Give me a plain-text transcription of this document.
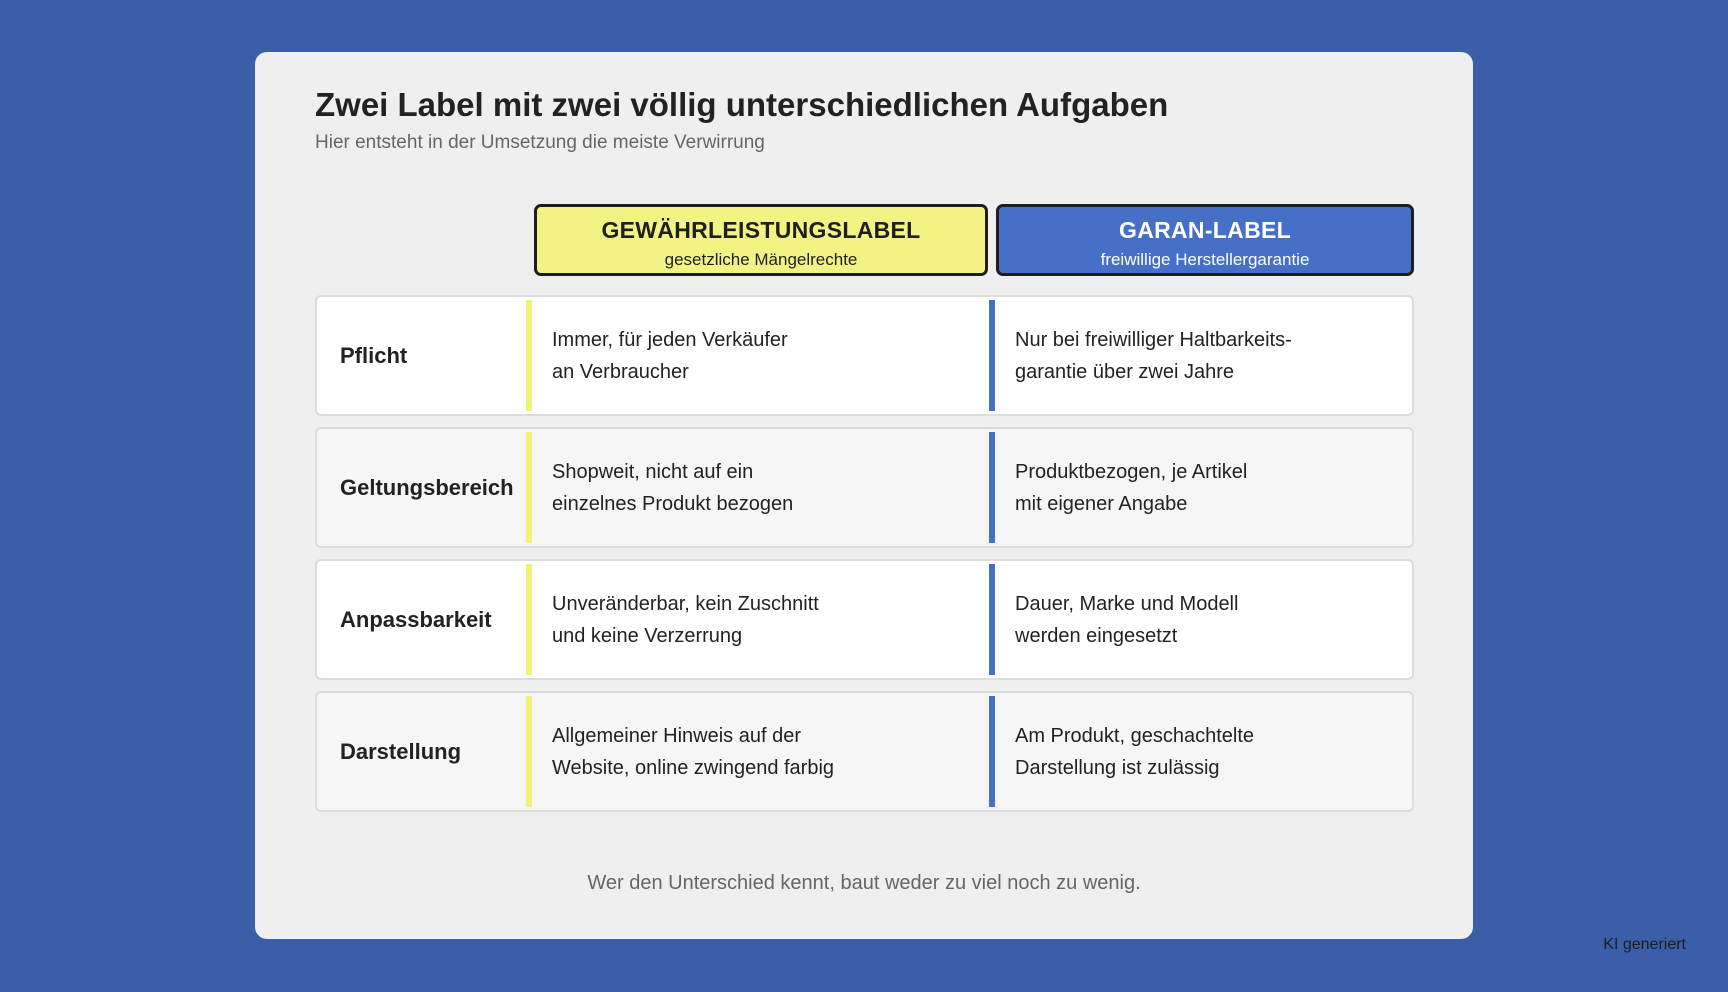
Zwei Label mit zwei völlig unterschiedlichen Aufgaben
Hier entsteht in der Umsetzung die meiste Verwirrung
GEWÄHRLEISTUNGSLABEL
gesetzliche Mängelrechte
GARAN-LABEL
freiwillige Herstellergarantie
Pflicht
Immer, für jeden Verkäufer
an Verbraucher
Nur bei freiwilliger Haltbarkeits-
garantie über zwei Jahre
Geltungsbereich
Shopweit, nicht auf ein
einzelnes Produkt bezogen
Produktbezogen, je Artikel
mit eigener Angabe
Anpassbarkeit
Unveränderbar, kein Zuschnitt
und keine Verzerrung
Dauer, Marke und Modell
werden eingesetzt
Darstellung
Allgemeiner Hinweis auf der
Website, online zwingend farbig
Am Produkt, geschachtelte
Darstellung ist zulässig
Wer den Unterschied kennt, baut weder zu viel noch zu wenig.
KI generiert
